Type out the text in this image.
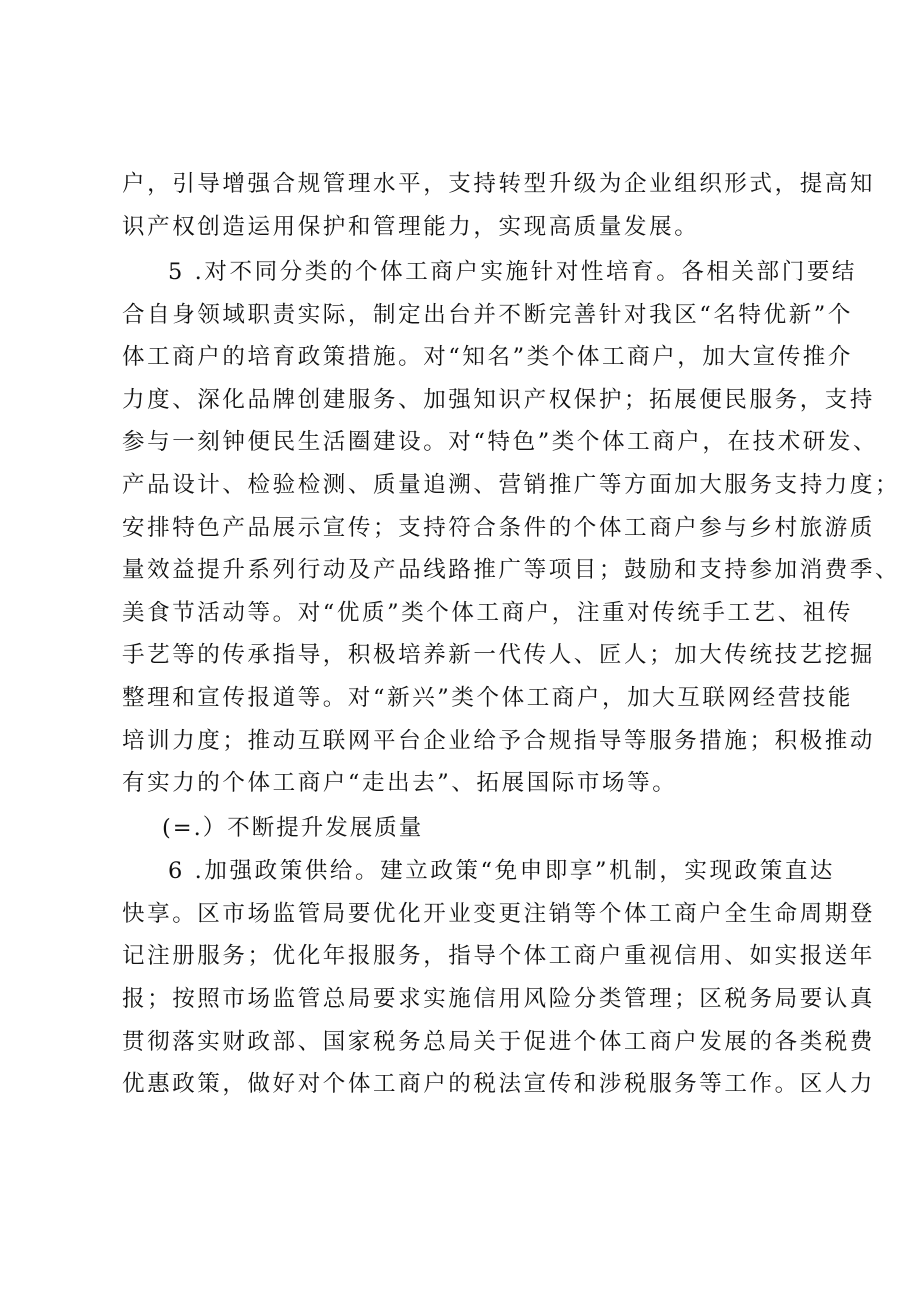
户，引导增强合规管理水平，支持转型升级为企业组织形式，提高知
识产权创造运用保护和管理能力，实现高质量发展。
5 .对不同分类的个体工商户实施针对性培育。各相关部门要结
合自身领域职责实际，制定出台并不断完善针对我区“名特优新”个
体工商户的培育政策措施。对“知名”类个体工商户，加大宣传推介
力度、深化品牌创建服务、加强知识产权保护；拓展便民服务，支持
参与一刻钟便民生活圈建设。对“特色”类个体工商户，在技术研发、
产品设计、检验检测、质量追溯、营销推广等方面加大服务支持力度；
安排特色产品展示宣传；支持符合条件的个体工商户参与乡村旅游质
量效益提升系列行动及产品线路推广等项目；鼓励和支持参加消费季、
美食节活动等。对“优质”类个体工商户，注重对传统手工艺、祖传
手艺等的传承指导，积极培养新一代传人、匠人；加大传统技艺挖掘
整理和宣传报道等。对“新兴”类个体工商户，加大互联网经营技能
培训力度；推动互联网平台企业给予合规指导等服务措施；积极推动
有实力的个体工商户“走出去”、拓展国际市场等。
(=.）不断提升发展质量
6 .加强政策供给。建立政策“免申即享”机制，实现政策直达
快享。区市场监管局要优化开业变更注销等个体工商户全生命周期登
记注册服务；优化年报服务，指导个体工商户重视信用、如实报送年
报；按照市场监管总局要求实施信用风险分类管理；区税务局要认真
贯彻落实财政部、国家税务总局关于促进个体工商户发展的各类税费
优惠政策，做好对个体工商户的税法宣传和涉税服务等工作。区人力
